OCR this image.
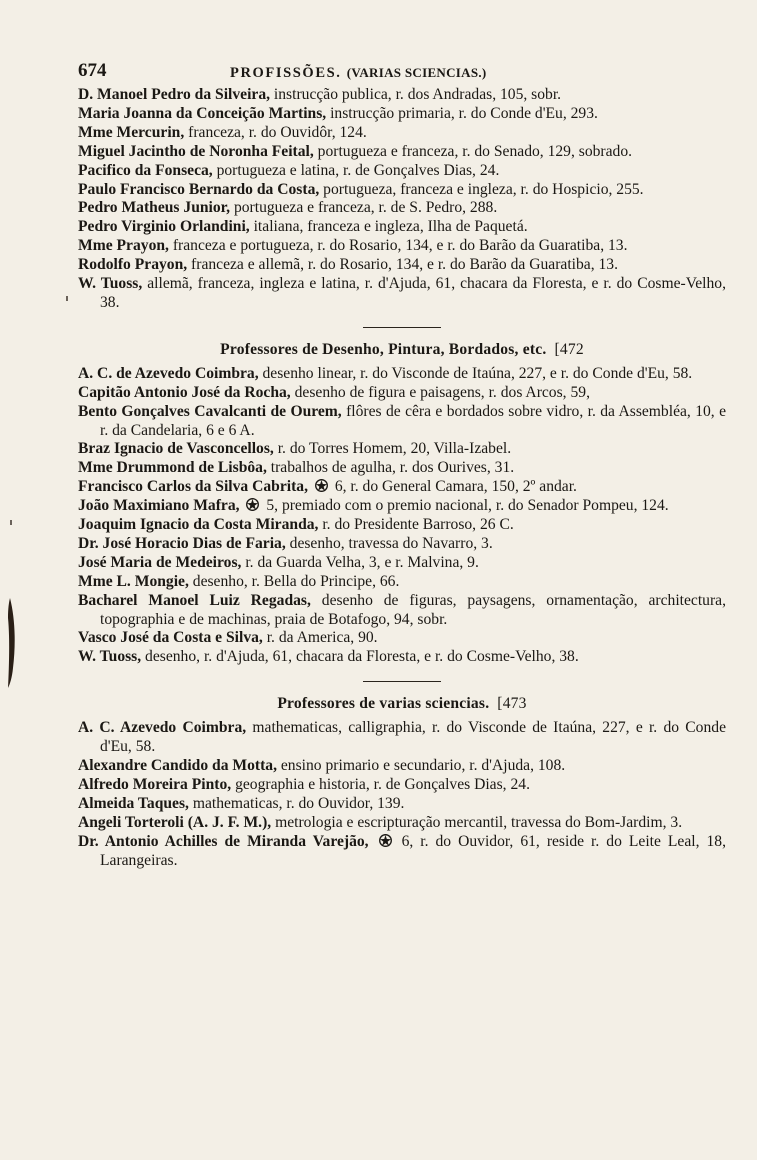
674	PROFISSÕES. (VARIAS SCIENCIAS.)

D. Manoel Pedro da Silveira, instrucção publica, r. dos Andradas, 105, sobr.

Maria Joanna da Conceição Martins, instrucção primaria, r. do Conde d'Eu, 293.

Mme Mercurin, franceza, r. do Ouvidôr, 124.

Miguel Jacintho de Noronha Feital, portugueza e franceza, r. do Senado, 129, sobrado.

Pacifico da Fonseca, portugueza e latina, r. de Gonçalves Dias, 24.

Paulo Francisco Bernardo da Costa, portugueza, franceza e ingleza, r. do Hospicio, 255.

Pedro Matheus Junior, portugueza e franceza, r. de S. Pedro, 288.

Pedro Virginio Orlandini, italiana, franceza e ingleza, Ilha de Paquetá.

Mme Prayon, franceza e portugueza, r. do Rosario, 134, e r. do Barão da Guaratiba, 13.

Rodolfo Prayon, franceza e allemã, r. do Rosario, 134, e r. do Barão da Guaratiba, 13.

W. Tuoss, allemã, franceza, ingleza e latina, r. d'Ajuda, 61, chacara da Floresta, e r. do Cosme-Velho, 38.

Professores de Desenho, Pintura, Bordados, etc. [472

A. C. de Azevedo Coimbra, desenho linear, r. do Visconde de Itaúna, 227, e r. do Conde d'Eu, 58.

Capitão Antonio José da Rocha, desenho de figura e paisagens, r. dos Arcos, 59,

Bento Gonçalves Cavalcanti de Ourem, flôres de cêra e bordados sobre vidro, r. da Assembléa, 10, e r. da Candelaria, 6 e 6 A.

Braz Ignacio de Vasconcellos, r. do Torres Homem, 20, Villa-Izabel.

Mme Drummond de Lisbôa, trabalhos de agulha, r. dos Ourives, 31.

Francisco Carlos da Silva Cabrita,
6, r. do General Camara, 150, 2º andar.

João Maximiano Mafra,
5, premiado com o premio nacional, r. do Senador Pompeu, 124.

Joaquim Ignacio da Costa Miranda, r. do Presidente Barroso, 26 C.

Dr. José Horacio Dias de Faria, desenho, travessa do Navarro, 3.

José Maria de Medeiros, r. da Guarda Velha, 3, e r. Malvina, 9.

Mme L. Mongie, desenho, r. Bella do Principe, 66.

Bacharel Manoel Luiz Regadas, desenho de figuras, paysagens, ornamentação, architectura, topographia e de machinas, praia de Botafogo, 94, sobr.

Vasco José da Costa e Silva, r. da America, 90.

W. Tuoss, desenho, r. d'Ajuda, 61, chacara da Floresta, e r. do Cosme-Velho, 38.

Professores de varias sciencias. [473

A. C. Azevedo Coimbra, mathematicas, calligraphia, r. do Visconde de Itaúna, 227, e r. do Conde d'Eu, 58.

Alexandre Candido da Motta, ensino primario e secundario, r. d'Ajuda, 108.

Alfredo Moreira Pinto, geographia e historia, r. de Gonçalves Dias, 24.

Almeida Taques, mathematicas, r. do Ouvidor, 139.

Angeli Torteroli (A. J. F. M.), metrologia e escripturação mercantil, travessa do Bom-Jardim, 3.

Dr. Antonio Achilles de Miranda Varejão,
6, r. do Ouvidor, 61, reside r. do Leite Leal, 18, Larangeiras.
